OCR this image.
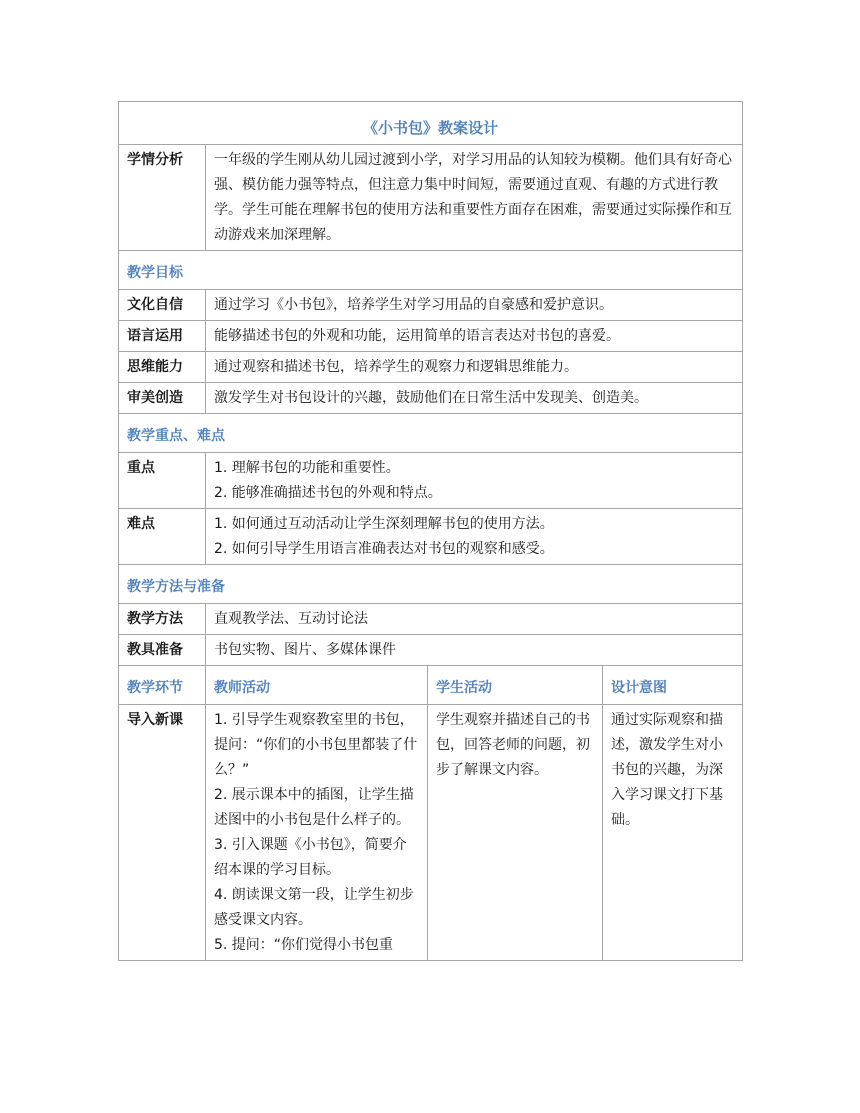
《小书包》教案设计			
学情分析	一年级的学生刚从幼儿园过渡到小学，对学习用品的认知较为模糊。他们具有好奇心强、模仿能力强等特点，但注意力集中时间短，需要通过直观、有趣的方式进行教学。学生可能在理解书包的使用方法和重要性方面存在困难，需要通过实际操作和互动游戏来加深理解。		
教学目标			
文化自信	通过学习《小书包》，培养学生对学习用品的自豪感和爱护意识。		
语言运用	能够描述书包的外观和功能，运用简单的语言表达对书包的喜爱。		
思维能力	通过观察和描述书包，培养学生的观察力和逻辑思维能力。		
审美创造	激发学生对书包设计的兴趣，鼓励他们在日常生活中发现美、创造美。		
教学重点、难点			
重点	1. 理解书包的功能和重要性。
2. 能够准确描述书包的外观和特点。		

难点	1. 如何通过互动活动让学生深刻理解书包的使用方法。
2. 如何引导学生用语言准确表达对书包的观察和感受。		

教学方法与准备			
教学方法	直观教学法、互动讨论法		
教具准备	书包实物、图片、多媒体课件		
教学环节	教师活动	学生活动	设计意图
导入新课	1. 引导学生观察教室里的书包，提问：“你们的小书包里都装了什么？”
2. 展示课本中的插图，让学生描述图中的小书包是什么样子的。
3. 引入课题《小书包》，简要介绍本课的学习目标。
4. 朗读课文第一段，让学生初步感受课文内容。
5. 提问：“你们觉得小书包重	学生观察并描述自己的书包，回答老师的问题，初步了解课文内容。	通过实际观察和描述，激发学生对小书包的兴趣，为深入学习课文打下基础。
